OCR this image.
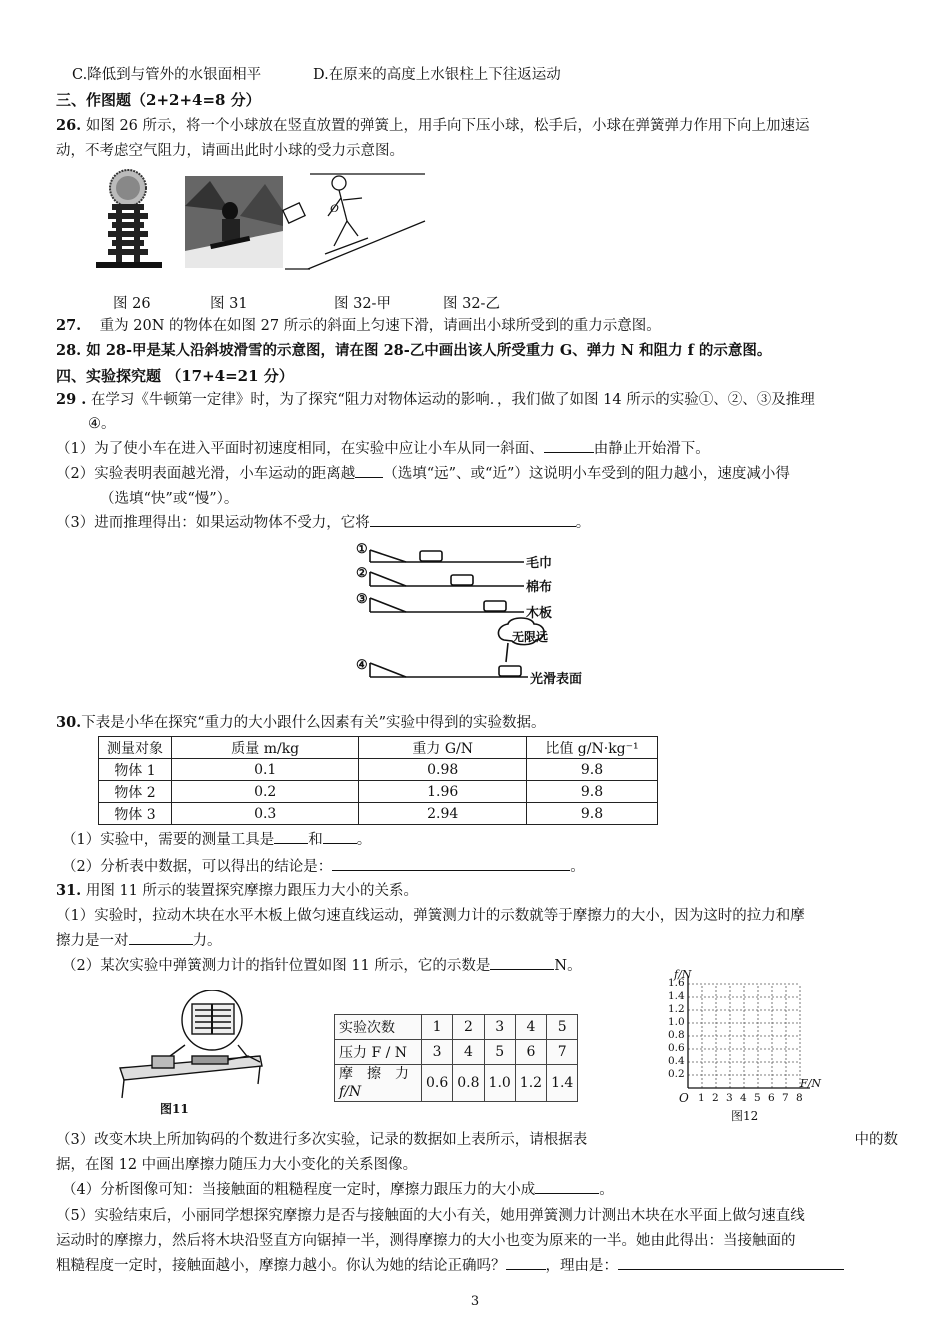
C.降低到与管外的水银面相平	D.在原来的高度上水银柱上下往返运动
三、作图题（2+2+4=8 分）
26. 如图 26 所示，将一个小球放在竖直放置的弹簧上，用手向下压小球，松手后，小球在弹簧弹力作用下向上加速运
动，不考虑空气阻力，请画出此时小球的受力示意图。
O
图 26	图 31	图 32-甲	图 32-乙
27. 重为 20N 的物体在如图 27 所示的斜面上匀速下滑，请画出小球所受到的重力示意图。
28. 如 28-甲是某人沿斜坡滑雪的示意图，请在图 28-乙中画出该人所受重力 G、弹力 N 和阻力 f 的示意图。
四、实验探究题 （17+4=21 分）
29 . 在学习《牛顿第一定律》时，为了探究“阻力对物体运动的影响．，我们做了如图 14 所示的实验①、②、③及推理
④。
（1）为了使小车在进入平面时初速度相同，在实验中应让小车从同一斜面、	由静止开始滑下。
（2）实验表明表面越光滑，小车运动的距离越 （选填“远”、或“近”）这说明小车受到的阻力越小，速度减小得
（选填“快”或“慢”）。
（3）进而推理得出：如果运动物体不受力，它将	。
①
②
③
④
毛巾
棉布
木板
光滑表面
无限远
30.下表是小华在探究“重力的大小跟什么因素有关”实验中得到的实验数据。
测量对象	质量 m/kg	重力 G/N	比值 g/N·kg⁻¹
物体 1	0.1	0.98	9.8
物体 2	0.2	1.96	9.8
物体 3	0.3	2.94	9.8
（1）实验中，需要的测量工具是 和 。
（2）分析表中数据，可以得出的结论是：	。
31. 用图 11 所示的装置探究摩擦力跟压力大小的关系。
（1）实验时，拉动木块在水平木板上做匀速直线运动，弹簧测力计的示数就等于摩擦力的大小，因为这时的拉力和摩
擦力是一对	力。
（2）某次实验中弹簧测力计的指针位置如图 11 所示，它的示数是	N。
图11
实验次数	1	2	3	4	5
压力 F / N	3	4	5	6	7
摩　擦　力
f/N	0.6	0.8	1.0	1.2	1.4
f/N
F/N
O
1.6
1.4
1.2
1.0
0.8
0.6
0.4
0.2
1 2 3 4 5 6 7 8
图12
（3）改变木块上所加钩码的个数进行多次实验，记录的数据如上表所示，请根据表	中的数
据，在图 12 中画出摩擦力随压力大小变化的关系图像。
（4）分析图像可知：当接触面的粗糙程度一定时，摩擦力跟压力的大小成	。
（5）实验结束后，小丽同学想探究摩擦力是否与接触面的大小有关，她用弹簧测力计测出木块在水平面上做匀速直线
运动时的摩擦力，然后将木块沿竖直方向锯掉一半，测得摩擦力的大小也变为原来的一半。她由此得出：当接触面的
粗糙程度一定时，接触面越小，摩擦力越小。你认为她的结论正确吗？	，理由是：
3
